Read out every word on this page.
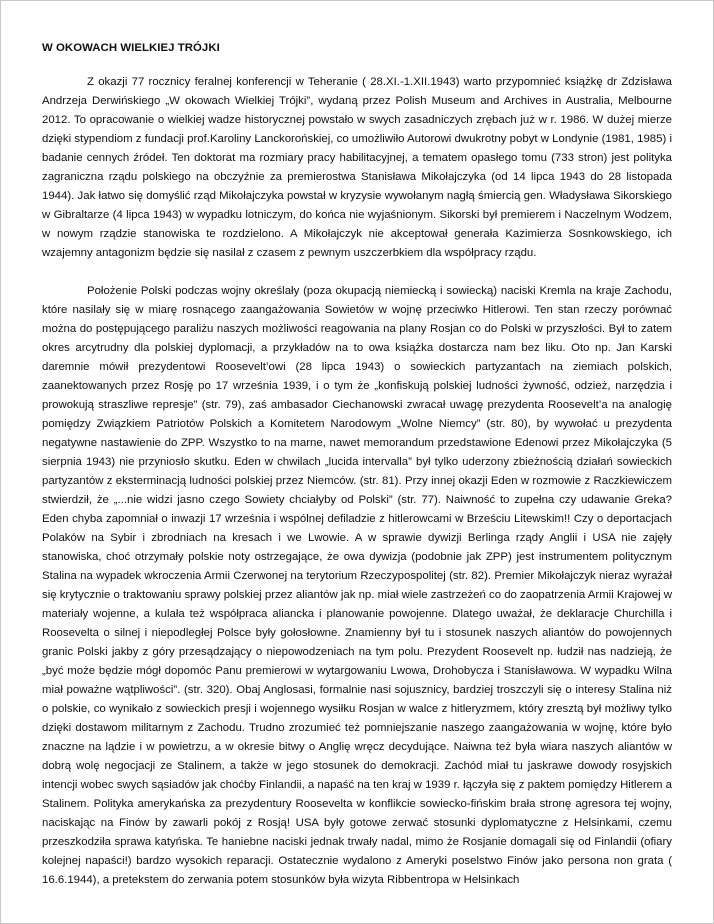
W OKOWACH WIELKIEJ TRÓJKI

Z okazji 77 rocznicy feralnej konferencji w Teheranie ( 28.XI.-1.XII.1943) warto przypomnieć książkę dr Zdzisława Andrzeja Derwińskiego „W okowach Wielkiej Trójki”, wydaną przez Polish Museum and Archives in Australia, Melbourne 2012. To opracowanie o wielkiej wadze historycznej powstało w swych zasadniczych zrębach już w r. 1986. W dużej mierze dzięki stypendiom z fundacji prof.Karoliny Lanckorońskiej, co umożliwiło Autorowi dwukrotny pobyt w Londynie (1981, 1985) i badanie cennych źródeł. Ten doktorat ma rozmiary pracy habilitacyjnej, a tematem opasłego tomu (733 stron) jest polityka zagraniczna rządu polskiego na obczyźnie za premierostwa Stanisława Mikołajczyka (od 14 lipca 1943 do 28 listopada 1944). Jak łatwo się domyślić rząd Mikołajczyka powstał w kryzysie wywołanym nagłą śmiercią gen. Władysława Sikorskiego w Gibraltarze (4 lipca 1943) w wypadku lotniczym, do końca nie wyjaśnionym. Sikorski był premierem i Naczelnym Wodzem, w nowym rządzie stanowiska te rozdzielono. A Mikołajczyk nie akceptował generała Kazimierza Sosnkowskiego, ich wzajemny antagonizm będzie się nasilał z czasem z pewnym uszczerbkiem dla współpracy rządu.

Położenie Polski podczas wojny określały (poza okupacją niemiecką i sowiecką) naciski Kremla na kraje Zachodu, które nasilały się w miarę rosnącego zaangażowania Sowietów w wojnę przeciwko Hitlerowi. Ten stan rzeczy porównać można do postępującego paraliżu naszych możliwości reagowania na plany Rosjan co do Polski w przyszłości. Był to zatem okres arcytrudny dla polskiej dyplomacji, a przykładów na to owa książka dostarcza nam bez liku. Oto np. Jan Karski daremnie mówił prezydentowi Roosevelt’owi (28 lipca 1943) o sowieckich partyzantach na ziemiach polskich, zaanektowanych przez Rosję po 17 września 1939, i o tym że „konfiskują polskiej ludności żywność, odzież, narzędzia i prowokują straszliwe represje” (str. 79), zaś ambasador Ciechanowski zwracał uwagę prezydenta Roosevelt’a na analogię pomiędzy Związkiem Patriotów Polskich a Komitetem Narodowym „Wolne Niemcy” (str. 80), by wywołać u prezydenta negatywne nastawienie do ZPP. Wszystko to na marne, nawet memorandum przedstawione Edenowi przez Mikołajczyka (5 sierpnia 1943) nie przyniosło skutku. Eden w chwilach „lucida intervalla” był tylko uderzony zbieżnością działań sowieckich partyzantów z eksterminacją ludności polskiej przez Niemców. (str. 81). Przy innej okazji Eden w rozmowie z Raczkiewiczem stwierdził, że „...nie widzi jasno czego Sowiety chciałyby od Polski” (str. 77). Naiwność to zupełna czy udawanie Greka? Eden chyba zapomniał o inwazji 17 września i wspólnej defiladzie z hitlerowcami w Brześciu Litewskim!! Czy o deportacjach Polaków na Sybir i zbrodniach na kresach i we Lwowie. A w sprawie dywizji Berlinga rządy Anglii i USA nie zajęły stanowiska, choć otrzymały polskie noty ostrzegające, że owa dywizja (podobnie jak ZPP) jest instrumentem politycznym Stalina na wypadek wkroczenia Armii Czerwonej na terytorium Rzeczypospolitej (str. 82). Premier Mikołajczyk nieraz wyrażał się krytycznie o traktowaniu sprawy polskiej przez aliantów jak np. miał wiele zastrzeżeń co do zaopatrzenia Armii Krajowej w materiały wojenne, a kulała też współpraca aliancka i planowanie powojenne. Dlatego uważał, że deklaracje Churchilla i Roosevelta o silnej i niepodległej Polsce były gołosłowne. Znamienny był tu i stosunek naszych aliantów do powojennych granic Polski jakby z góry przesądzający o niepowodzeniach na tym polu. Prezydent Roosevelt np. łudził nas nadzieją, że „być może będzie mógł dopomóc Panu premierowi w wytargowaniu Lwowa, Drohobycza i Stanisławowa. W wypadku Wilna miał poważne wątpliwości”. (str. 320). Obaj Anglosasi, formalnie nasi sojusznicy, bardziej troszczyli się o interesy Stalina niż o polskie, co wynikało z sowieckich presji i wojennego wysiłku Rosjan w walce z hitleryzmem, który zresztą był możliwy tylko dzięki dostawom militarnym z Zachodu. Trudno zrozumieć też pomniejszanie naszego zaangażowania w wojnę, które było znaczne na lądzie i w powietrzu, a w okresie bitwy o Anglię wręcz decydujące. Naiwna też była wiara naszych aliantów w dobrą wolę negocjacji ze Stalinem, a także w jego stosunek do demokracji. Zachód miał tu jaskrawe dowody rosyjskich intencji wobec swych sąsiadów jak choćby Finlandii, a napaść na ten kraj w 1939 r. łączyła się z paktem pomiędzy Hitlerem a Stalinem. Polityka amerykańska za prezydentury Roosevelta w konflikcie sowiecko-fińskim brała stronę agresora tej wojny, naciskając na Finów by zawarli pokój z Rosją! USA były gotowe zerwać stosunki dyplomatyczne z Helsinkami, czemu przeszkodziła sprawa katyńska. Te haniebne naciski jednak trwały nadal, mimo że Rosjanie domagali się od Finlandii (ofiary kolejnej napaści!) bardzo wysokich reparacji. Ostatecznie wydalono z Ameryki poselstwo Finów jako persona non grata ( 16.6.1944), a pretekstem do zerwania potem stosunków była wizyta Ribbentropa w Helsinkach
